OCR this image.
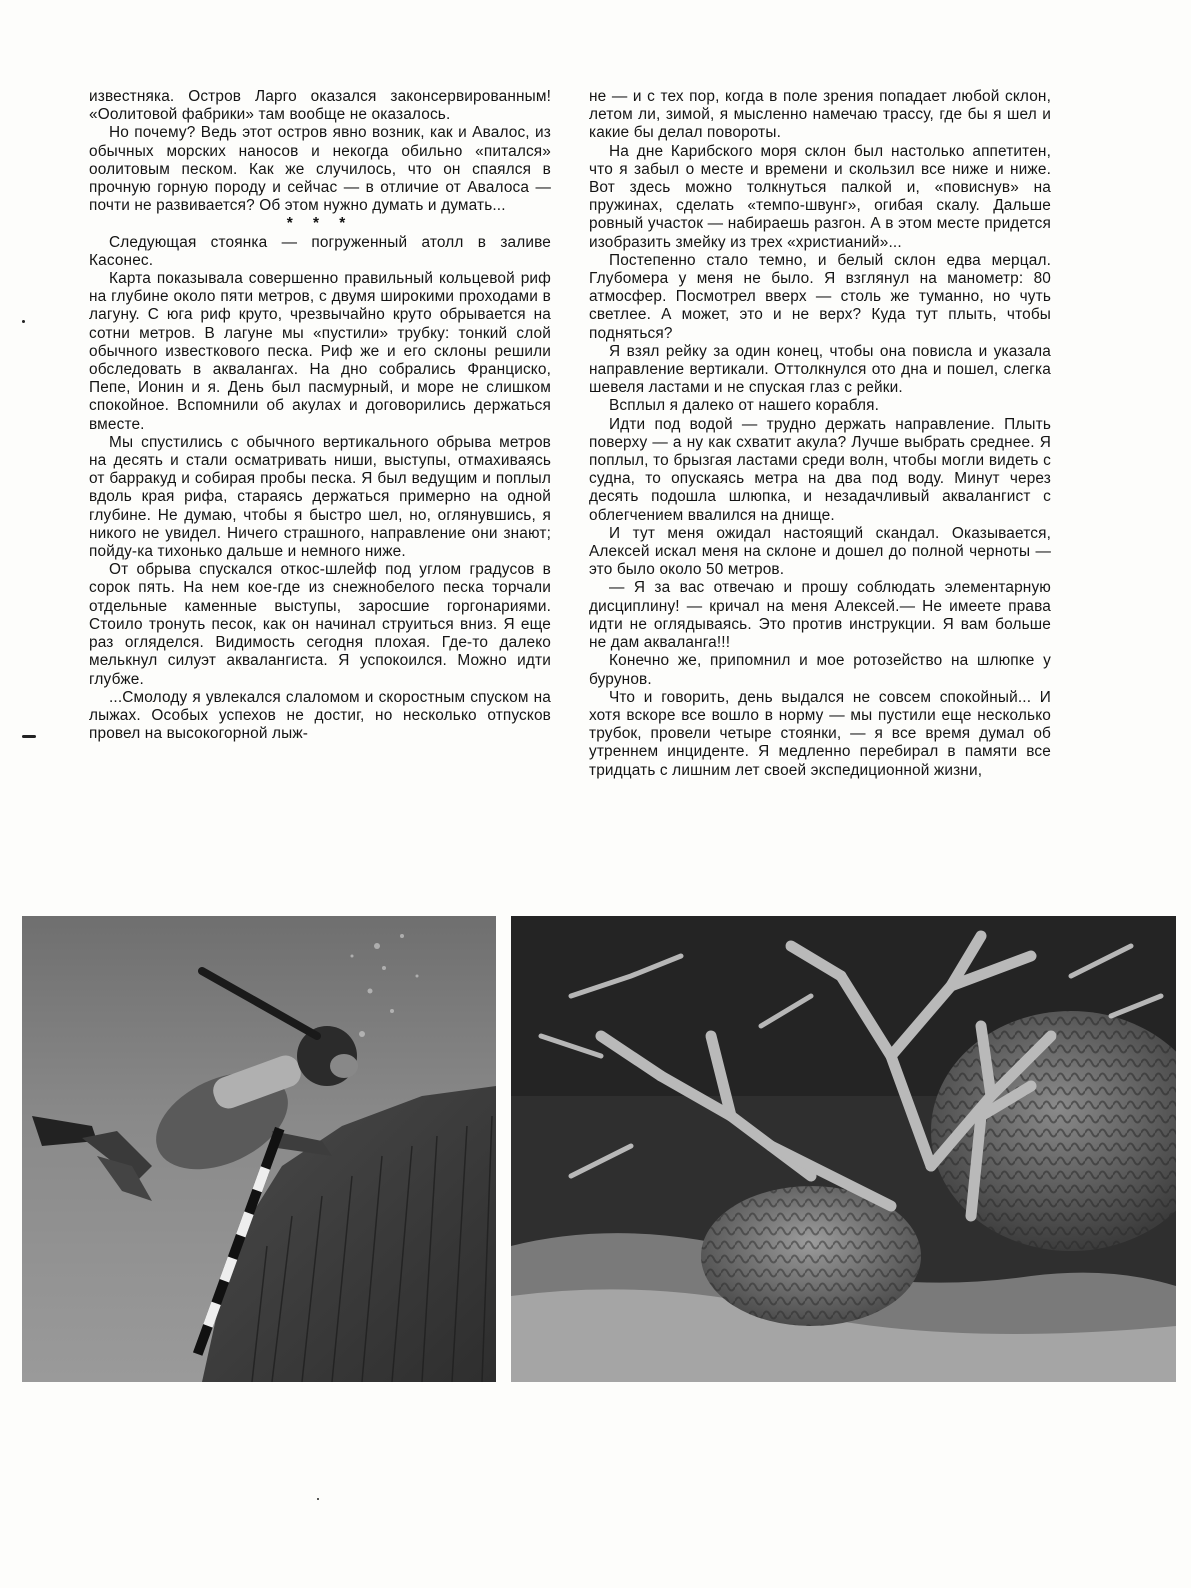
известняка. Остров Ларго оказался законсервированным! «Оолитовой фабрики» там вообще не оказалось.

Но почему? Ведь этот остров явно возник, как и Авалос, из обычных морских наносов и некогда обильно «питался» оолитовым песком. Как же случилось, что он спаялся в прочную горную породу и сейчас — в отличие от Авалоса — почти не развивается? Об этом нужно думать и думать...

* * *

Следующая стоянка — погруженный атолл в заливе Касонес.

Карта показывала совершенно правильный кольцевой риф на глубине около пяти метров, с двумя широкими проходами в лагуну. С юга риф круто, чрезвычайно круто обрывается на сотни метров. В лагуне мы «пустили» трубку: тонкий слой обычного известкового песка. Риф же и его склоны решили обследовать в аквалангах. На дно собрались Франциско, Пепе, Ионин и я. День был пасмурный, и море не слишком спокойное. Вспомнили об акулах и договорились держаться вместе.

Мы спустились с обычного вертикального обрыва метров на десять и стали осматривать ниши, выступы, отмахиваясь от барракуд и собирая пробы песка. Я был ведущим и поплыл вдоль края рифа, стараясь держаться примерно на одной глубине. Не думаю, чтобы я быстро шел, но, оглянувшись, я никого не увидел. Ничего страшного, направление они знают; пойду-ка тихонько дальше и немного ниже.

От обрыва спускался откос-шлейф под углом градусов в сорок пять. На нем кое-где из снежнобелого песка торчали отдельные каменные выступы, заросшие горгонариями. Стоило тронуть песок, как он начинал струиться вниз. Я еще раз огляделся. Видимость сегодня плохая. Где-то далеко мелькнул силуэт аквалангиста. Я успокоился. Можно идти глубже.

...Смолоду я увлекался слаломом и скоростным спуском на лыжах. Особых успехов не достиг, но несколько отпусков провел на высокогорной лыж-

не — и с тех пор, когда в поле зрения попадает любой склон, летом ли, зимой, я мысленно намечаю трассу, где бы я шел и какие бы делал повороты.

На дне Карибского моря склон был настолько аппетитен, что я забыл о месте и времени и скользил все ниже и ниже. Вот здесь можно толкнуться палкой и, «повиснув» на пружинах, сделать «темпо-швунг», огибая скалу. Дальше ровный участок — набираешь разгон. А в этом месте придется изобразить змейку из трех «христианий»...

Постепенно стало темно, и белый склон едва мерцал. Глубомера у меня не было. Я взглянул на манометр: 80 атмосфер. Посмотрел вверх — столь же туманно, но чуть светлее. А может, это и не верх? Куда тут плыть, чтобы подняться?

Я взял рейку за один конец, чтобы она повисла и указала направление вертикали. Оттолкнулся ото дна и пошел, слегка шевеля ластами и не спуская глаз с рейки.

Всплыл я далеко от нашего корабля.

Идти под водой — трудно держать направление. Плыть поверху — а ну как схватит акула? Лучше выбрать среднее. Я поплыл, то брызгая ластами среди волн, чтобы могли видеть с судна, то опускаясь метра на два под воду. Минут через десять подошла шлюпка, и незадачливый аквалангист с облегчением ввалился на днище.

И тут меня ожидал настоящий скандал. Оказывается, Алексей искал меня на склоне и дошел до полной черноты — это было около 50 метров.

— Я за вас отвечаю и прошу соблюдать элементарную дисциплину! — кричал на меня Алексей.— Не имеете права идти не оглядываясь. Это против инструкции. Я вам больше не дам акваланга!!!

Конечно же, припомнил и мое ротозейство на шлюпке у бурунов.

Что и говорить, день выдался не совсем спокойный... И хотя вскоре все вошло в норму — мы пустили еще несколько трубок, провели четыре стоянки, — я все время думал об утреннем инциденте. Я медленно перебирал в памяти все тридцать с лишним лет своей экспедиционной жизни,
